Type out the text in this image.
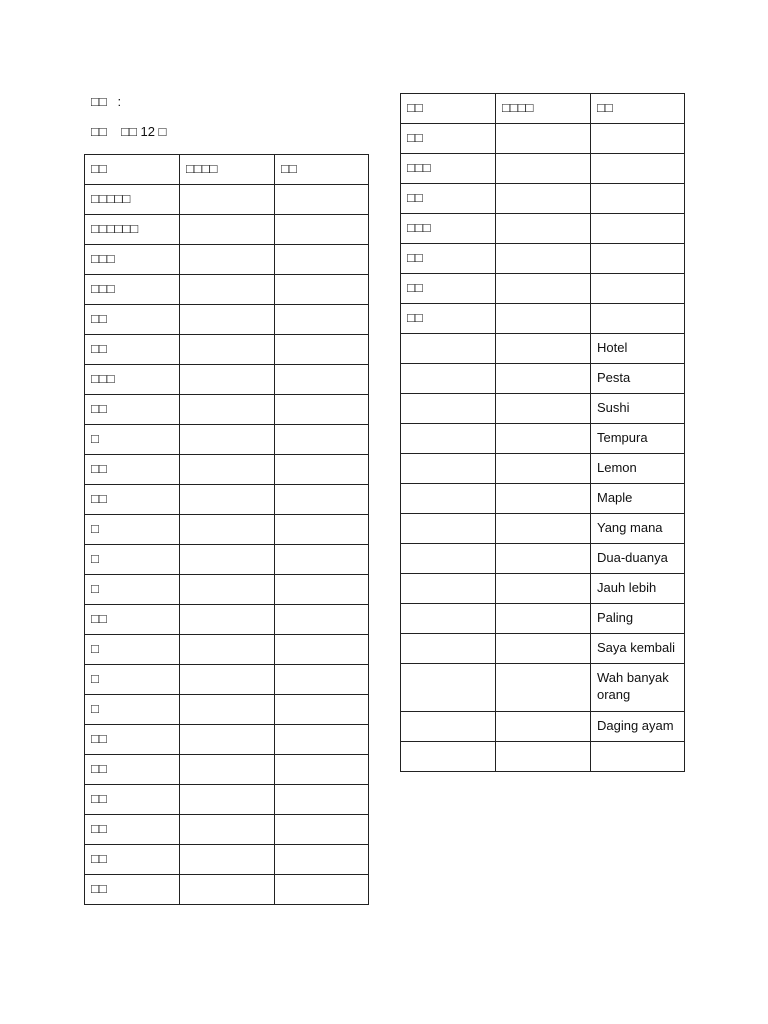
□□   :
□□    □□ 12 □
□□	□□□□	□□

□□□□□		

□□□□□□		

□□□		

□□□		

□□		

□□		

□□□		

□□		

□		

□□		

□□		

□		

□		

□		

□□		

□		

□		

□		

□□		

□□		

□□		

□□		

□□		

□□		

□□	□□□□	□□

□□		

□□□		

□□		

□□□		

□□		

□□		

□□		

		Hotel

		Pesta

		Sushi

		Tempura

		Lemon

		Maple

		Yang mana

		Dua-duanya

		Jauh lebih

		Paling

		Saya kembali

		Wah banyak orang

		Daging ayam
